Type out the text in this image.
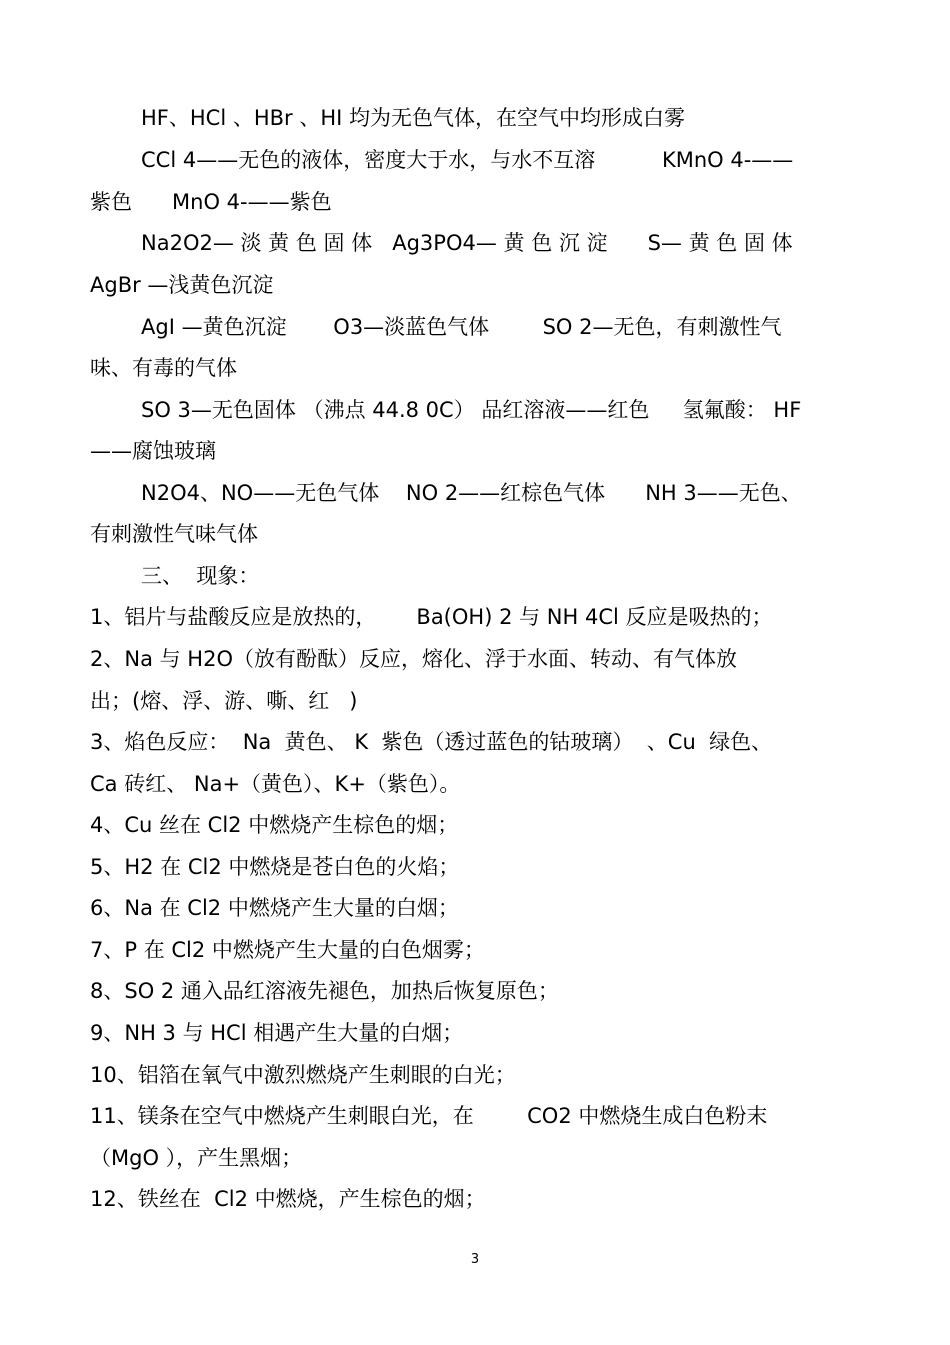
HF、HCl 、HBr 、HI 均为无色气体，在空气中均形成白雾
CCl 4——无色的液体，密度大于水，与水不互溶          KMnO 4-——
紫色      MnO 4-——紫色
Na2O2— 淡 黄 色 固 体   Ag3PO4— 黄 色 沉 淀      S— 黄 色 固 体
AgBr —浅黄色沉淀
AgI —黄色沉淀       O3—淡蓝色气体        SO 2—无色，有刺激性气
味、有毒的气体
SO 3—无色固体 （沸点 44.8 0C） 品红溶液——红色     氢氟酸： HF
——腐蚀玻璃
N2O4、NO——无色气体    NO 2——红棕色气体      NH 3——无色、
有刺激性气味气体
三、  现象：
1、铝片与盐酸反应是放热的，      Ba(OH) 2 与 NH 4Cl 反应是吸热的；
2、Na 与 H2O（放有酚酞）反应，熔化、浮于水面、转动、有气体放
出；(熔、浮、游、嘶、红   )
3、焰色反应：  Na  黄色、 K  紫色（透过蓝色的钴玻璃）  、Cu  绿色、
Ca 砖红、 Na+（黄色）、K+（紫色）。
4、Cu 丝在 Cl2 中燃烧产生棕色的烟；
5、H2 在 Cl2 中燃烧是苍白色的火焰；
6、Na 在 Cl2 中燃烧产生大量的白烟；
7、P 在 Cl2 中燃烧产生大量的白色烟雾；
8、SO 2 通入品红溶液先褪色，加热后恢复原色；
9、NH 3 与 HCl 相遇产生大量的白烟；
10、铝箔在氧气中激烈燃烧产生刺眼的白光；
11、镁条在空气中燃烧产生刺眼白光，在        CO2 中燃烧生成白色粉末
（MgO ），产生黑烟；
12、铁丝在  Cl2 中燃烧，产生棕色的烟；
3
